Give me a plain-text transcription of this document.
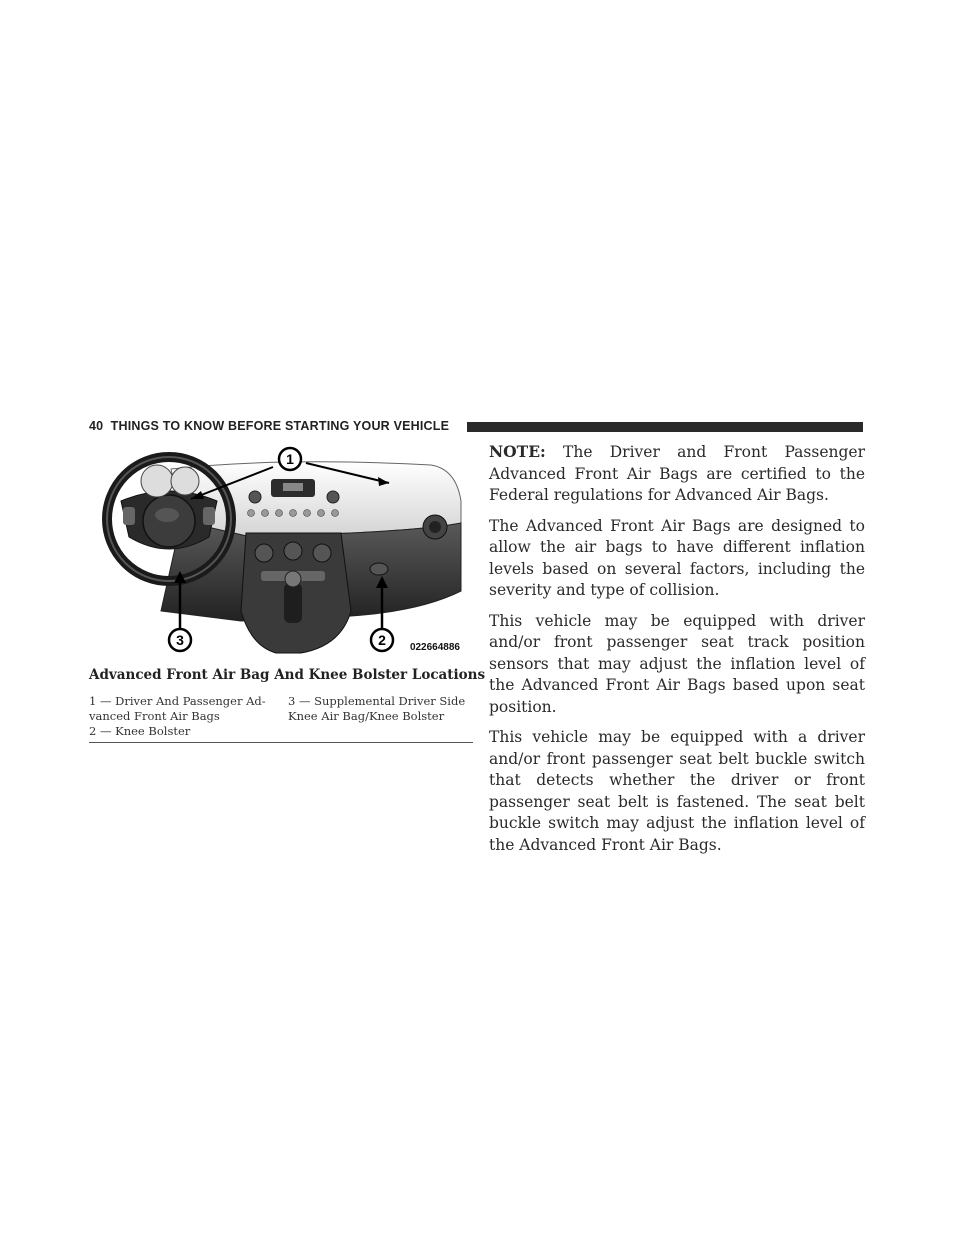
40 THINGS TO KNOW BEFORE STARTING YOUR VEHICLE
1
3	2 022664886
Advanced Front Air Bag And Knee Bolster Locations
1 — Driver And Passenger Ad-
vanced Front Air Bags
2 — Knee Bolster
3 — Supplemental Driver Side
Knee Air Bag/Knee Bolster

NOTE: The Driver and Front Passenger Advanced Front Air Bags are certified to the Federal regulations for Advanced Air Bags.

The Advanced Front Air Bags are designed to allow the air bags to have different inflation levels based on several factors, including the severity and type of collision.

This vehicle may be equipped with driver and/or front passenger seat track position sensors that may adjust the inflation level of the Advanced Front Air Bags based upon seat position.

This vehicle may be equipped with a driver and/or front passenger seat belt buckle switch that detects whether the driver or front passenger seat belt is fastened. The seat belt buckle switch may adjust the inflation level of the Advanced Front Air Bags.
